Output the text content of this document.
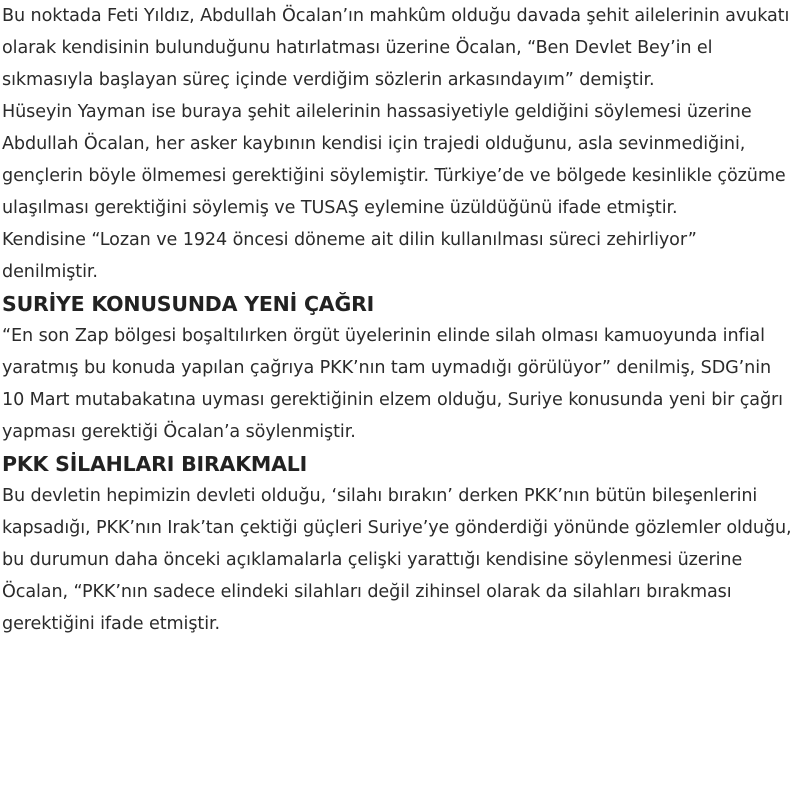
Bu noktada Feti Yıldız, Abdullah Öcalan’ın mahkûm olduğu davada şehit ailelerinin avukatı olarak kendisinin bulunduğunu hatırlatması üzerine Öcalan, “Ben Devlet Bey’in el sıkmasıyla başlayan süreç içinde verdiğim sözlerin arkasındayım” demiştir.

Hüseyin Yayman ise buraya şehit ailelerinin hassasiyetiyle geldiğini söylemesi üzerine Abdullah Öcalan, her asker kaybının kendisi için trajedi olduğunu, asla sevinmediğini, gençlerin böyle ölmemesi gerektiğini söylemiştir. Türkiye’de ve bölgede kesinlikle çözüme ulaşılması gerektiğini söylemiş ve TUSAŞ eylemine üzüldüğünü ifade etmiştir.

Kendisine “Lozan ve 1924 öncesi döneme ait dilin kullanılması süreci zehirliyor” denilmiştir.

SURİYE KONUSUNDA YENİ ÇAĞRI

“En son Zap bölgesi boşaltılırken örgüt üyelerinin elinde silah olması kamuoyunda infial yaratmış bu konuda yapılan çağrıya PKK’nın tam uymadığı görülüyor” denilmiş, SDG’nin 10 Mart mutabakatına uyması gerektiğinin elzem olduğu, Suriye konusunda yeni bir çağrı yapması gerektiği Öcalan’a söylenmiştir.

PKK SİLAHLARI BIRAKMALI

Bu devletin hepimizin devleti olduğu, ‘silahı bırakın’ derken PKK’nın bütün bileşenlerini kapsadığı, PKK’nın Irak’tan çektiği güçleri Suriye’ye gönderdiği yönünde gözlemler olduğu, bu durumun daha önceki açıklamalarla çelişki yarattığı kendisine söylenmesi üzerine Öcalan, “PKK’nın sadece elindeki silahları değil zihinsel olarak da silahları bırakması gerektiğini ifade etmiştir.
